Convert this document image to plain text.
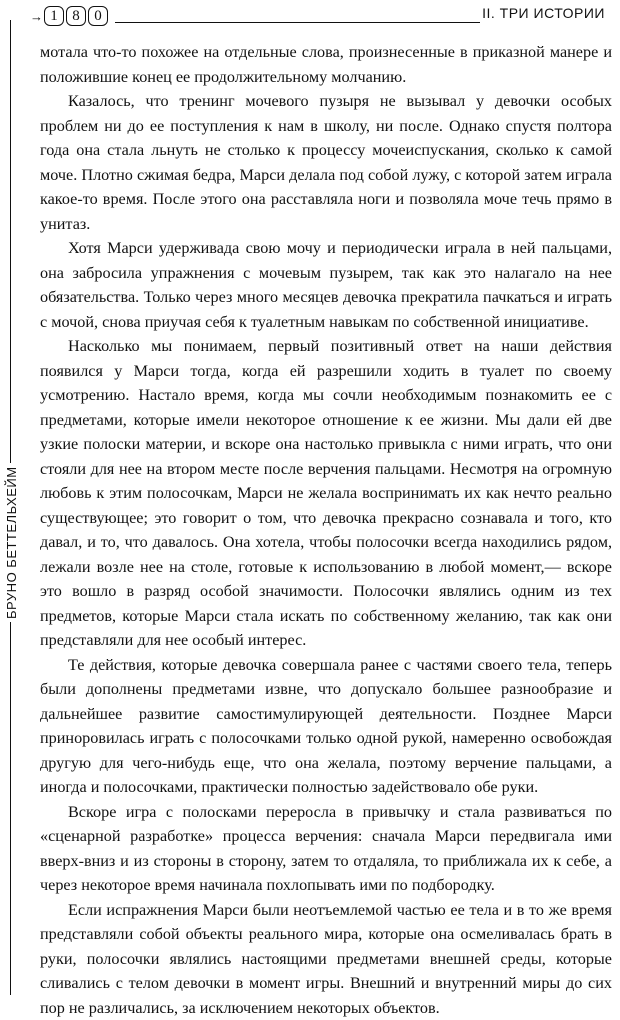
→ 1 8 0	II. ТРИ ИСТОРИИ
БРУНО БЕТТЕЛЬХЕЙМ

мотала что-то похожее на отдельные слова, произнесенные в приказной манере и положившие конец ее продолжительному молчанию.

Казалось, что тренинг мочевого пузыря не вызывал у девочки особых проблем ни до ее поступления к нам в школу, ни после. Однако спустя полтора года она стала льнуть не столько к процессу мочеиспускания, сколько к самой моче. Плотно сжимая бедра, Марси делала под собой лужу, с которой затем играла какое-то время. После этого она расставляла ноги и позволяла моче течь прямо в унитаз.

Хотя Марси удерживада свою мочу и периодически играла в ней пальцами, она забросила упражнения с мочевым пузырем, так как это налагало на нее обязательства. Только через много месяцев девочка прекратила пачкаться и играть с мочой, снова приучая себя к туалетным навыкам по собственной инициативе.

Насколько мы понимаем, первый позитивный ответ на наши действия появился у Марси тогда, когда ей разрешили ходить в туалет по своему усмотрению. Настало время, когда мы сочли необходимым познакомить ее с предметами, которые имели некоторое отношение к ее жизни. Мы дали ей две узкие полоски материи, и вскоре она настолько привыкла с ними играть, что они стояли для нее на втором месте после верчения пальцами. Несмотря на огромную любовь к этим полосочкам, Марси не желала воспринимать их как нечто реально существующее; это говорит о том, что девочка прекрасно сознавала и того, кто давал, и то, что давалось. Она хотела, чтобы полосочки всегда находились рядом, лежали возле нее на столе, готовые к использованию в любой момент,— вскоре это вошло в разряд особой значимости. Полосочки являлись одним из тех предметов, которые Марси стала искать по собственному желанию, так как они представляли для нее особый интерес.

Те действия, которые девочка совершала ранее с частями своего тела, теперь были дополнены предметами извне, что допускало большее разнообразие и дальнейшее развитие самостимулирующей деятельности. Позднее Марси приноровилась играть с полосочками только одной рукой, намеренно освобождая другую для чего-нибудь еще, что она желала, поэтому верчение пальцами, а иногда и полосочками, практически полностью задействовало обе руки.

Вскоре игра с полосками переросла в привычку и стала развиваться по «сценарной разработке» процесса верчения: сначала Марси передвигала ими вверх-вниз и из стороны в сторону, затем то отдаляла, то приближала их к себе, а через некоторое время начинала похлопывать ими по подбородку.

Если испражнения Марси были неотъемлемой частью ее тела и в то же время представляли собой объекты реального мира, которые она осмеливалась брать в руки, полосочки являлись настоящими предметами внешней среды, которые сливались с телом девочки в момент игры. Внешний и внутренний миры до сих пор не различались, за исключением некоторых объектов.
